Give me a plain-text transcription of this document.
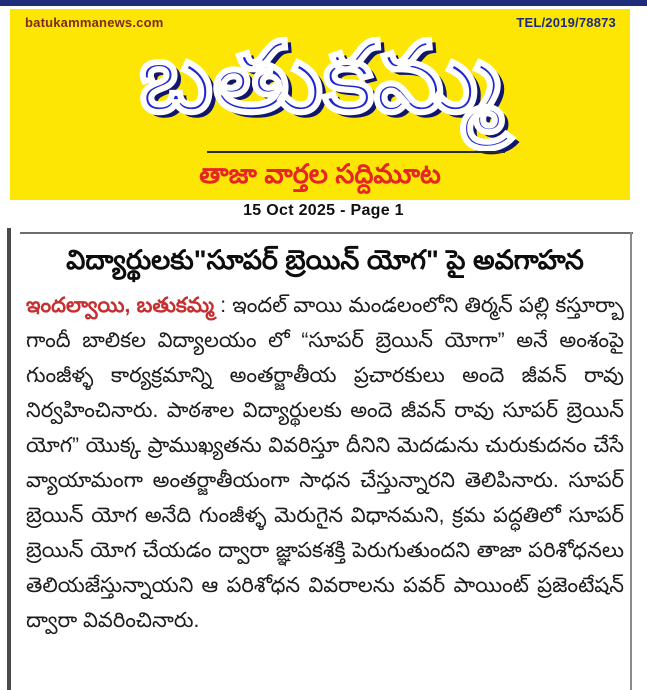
batukammanews.com	TEL/2019/78873
బతుకమ్మ
తాజా వార్తల సద్దిమూట
15 Oct 2025 - Page 1
విద్యార్థులకు"సూపర్ బ్రెయిన్ యోగ" పై అవగాహన
ఇందల్వాయి, బతుకమ్మ : ఇందల్ వాయి మండలంలోని తిర్మన్ పల్లి కస్తూర్బా గాందీ బాలికల విద్యాలయం లో “సూపర్ బ్రెయిన్ యోగా” అనే అంశంపై గుంజీళ్ళ కార్యక్రమాన్ని అంతర్జాతీయ ప్రచారకులు అందె జీవన్ రావు నిర్వహించినారు. పాఠశాల విద్యార్థులకు అందె జీవన్ రావు సూపర్ బ్రెయిన్ యోగ” యొక్క ప్రాముఖ్యతను వివరిస్తూ దీనిని మెదడును చురుకుదనం చేసే వ్యాయామంగా అంతర్జాతీయంగా సాధన చేస్తున్నారని తెలిపినారు. సూపర్ బ్రెయిన్ యోగ అనేది గుంజీళ్ళ మెరుగైన విధానమని, క్రమ పద్ధతిలో సూపర్ బ్రెయిన్ యోగ చేయడం ద్వారా జ్ఞాపకశక్తి పెరుగుతుందని తాజా పరిశోధనలు తెలియజేస్తున్నాయని ఆ పరిశోధన వివరాలను పవర్ పాయింట్ ప్రజెంటేషన్ ద్వారా వివరించినారు.
